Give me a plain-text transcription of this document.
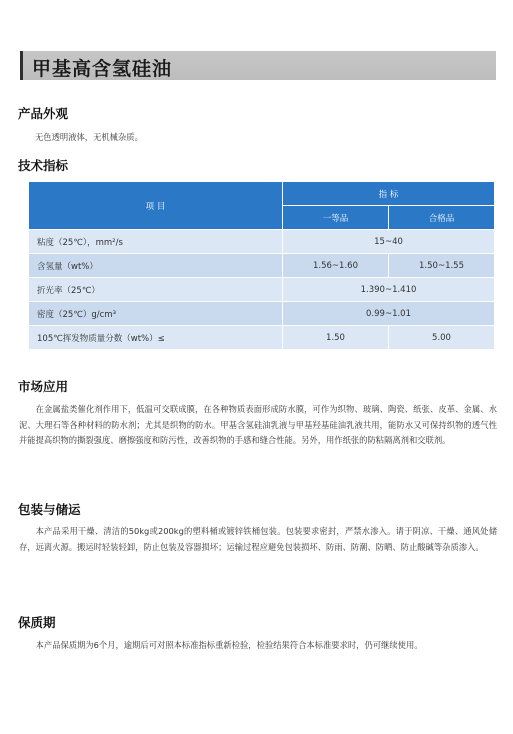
甲基高含氢硅油
产品外观
无色透明液体，无机械杂质。
技术指标
项 目	指 标	
	一等品	合格品
粘度（25℃），mm²/s	15~40	
含氢量（wt%）	1.56~1.60	1.50~1.55
折光率（25℃）	1.390~1.410	
密度（25℃）g/cm³	0.99~1.01	
105℃挥发物质量分数（wt%）≤	1.50	5.00
市场应用
在金属盐类催化剂作用下，低温可交联成膜，在各种物质表面形成防水膜，可作为织物、玻璃、陶瓷、纸张、皮革、金属、水泥、大理石等各种材料的防水剂；尤其是织物的防水。甲基含氢硅油乳液与甲基羟基硅油乳液共用，能防水又可保持织物的透气性并能提高织物的撕裂强度、磨擦强度和防污性，改善织物的手感和缝合性能。另外，用作纸张的防粘隔离剂和交联剂。
包装与储运
本产品采用干燥、清洁的50kg或200kg的塑料桶或镀锌铁桶包装。包装要求密封，严禁水渗入。请于阴凉、干燥、通风处储存，远离火源。搬运时轻装轻卸，防止包装及容器损坏；运输过程应避免包装损坏、防雨、防潮、防晒、防止酸碱等杂质渗入。
保质期
本产品保质期为6个月，逾期后可对照本标准指标重新检验，检验结果符合本标准要求时，仍可继续使用。
